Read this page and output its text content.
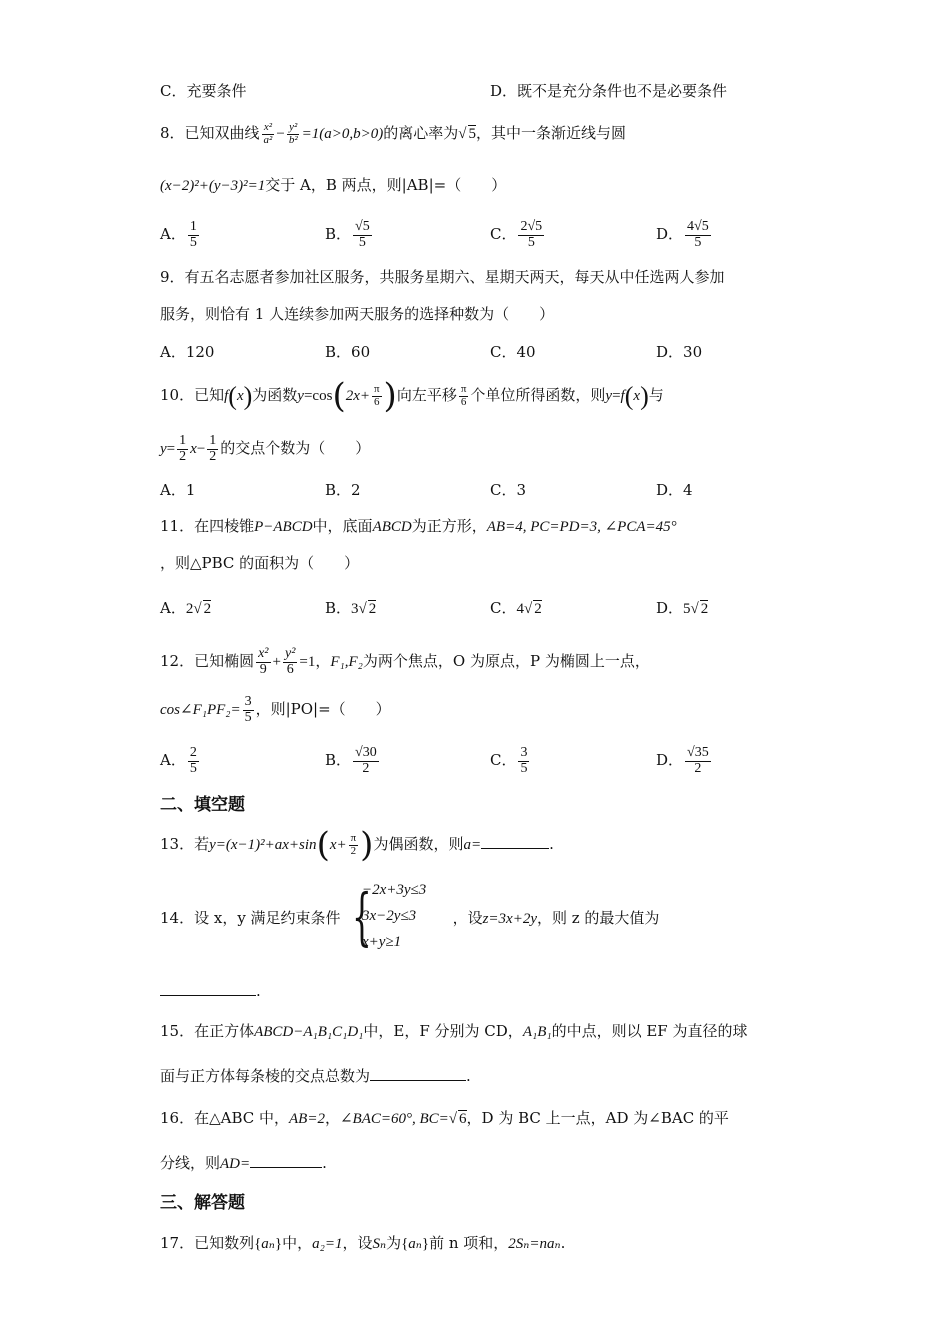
C．充要条件	D．既不是充分条件也不是必要条件
8．已知双曲线 $\frac{\text{x²}}{\text{a²}} - \frac{\text{y²}}{\text{b²}} =1(a>0,b>0)$的离心率为√ 5，其中一条渐近线与圆
(x−2)²+(y−3)²=1交于 A，B 两点，则|AB|=（　　）
A． $\frac{1}{5}$	B． $\frac{√5}{5}$	C． $\frac{2√5}{5}$	D． $\frac{4√5}{5}$
9．有五名志愿者参加社区服务，共服务星期六、星期天两天，每天从中任选两人参加
服务，则恰有 1 人连续参加两天服务的选择种数为（　　）
A．120	B．60	C．40	D．30
10．已知f(x)为函数$y=\cos(2x+ \frac{\pi}{6}$ )向左平移 $\frac{\pi}{6}$ 个单位所得函数，则y=f(x)与
$y= \frac{1}{2} x- \frac{1}{2}$ 的交点个数为（　　）
A．1	B．2	C．3	D．4
11．在四棱锥P−ABCD中，底面ABCD为正方形，AB=4, PC=PD=3, ∠PCA=45°
，则△PBC 的面积为（　　）
A．2√ 2	B．3√ 2	C．4√ 2	D．5√ 2
12．已知椭圆 $\frac{\text{x²}}{9} + \frac{\text{y²}}{6} =1$，F₁,F₂为两个焦点，O 为原点，P 为椭圆上一点，
cos∠F₁PF₂= $\frac{3}{5}$ ，则|PO|=（　　）
A． $\frac{2}{5}$	B． $\frac{√30}{2}$	C． $\frac{3}{5}$	D． $\frac{√35}{2}$
二、填空题
13．若$y=(x-1)^2+ax+\sin(x+ \frac{\pi}{2}$ )为偶函数，则a=	.
14．设 x，y 满足约束条件	，设z=3x+2y，则 z 的最大值为
{
−2x+3y≤3
3x−2y≤3
x+y≥1
.
15．在正方体ABCD−A₁B₁C₁D₁中，E，F 分别为 CD，A₁B₁的中点，则以 EF 为直径的球
面与正方体每条棱的交点总数为	.
16．在△ABC 中，AB=2，∠BAC=60°, BC=√ 6，D 为 BC 上一点，AD 为∠BAC 的平
分线，则AD=	.
三、解答题
17．已知数列{aₙ}中，a₂=1，设Sₙ为{aₙ}前 n 项和，2Sₙ=naₙ.
